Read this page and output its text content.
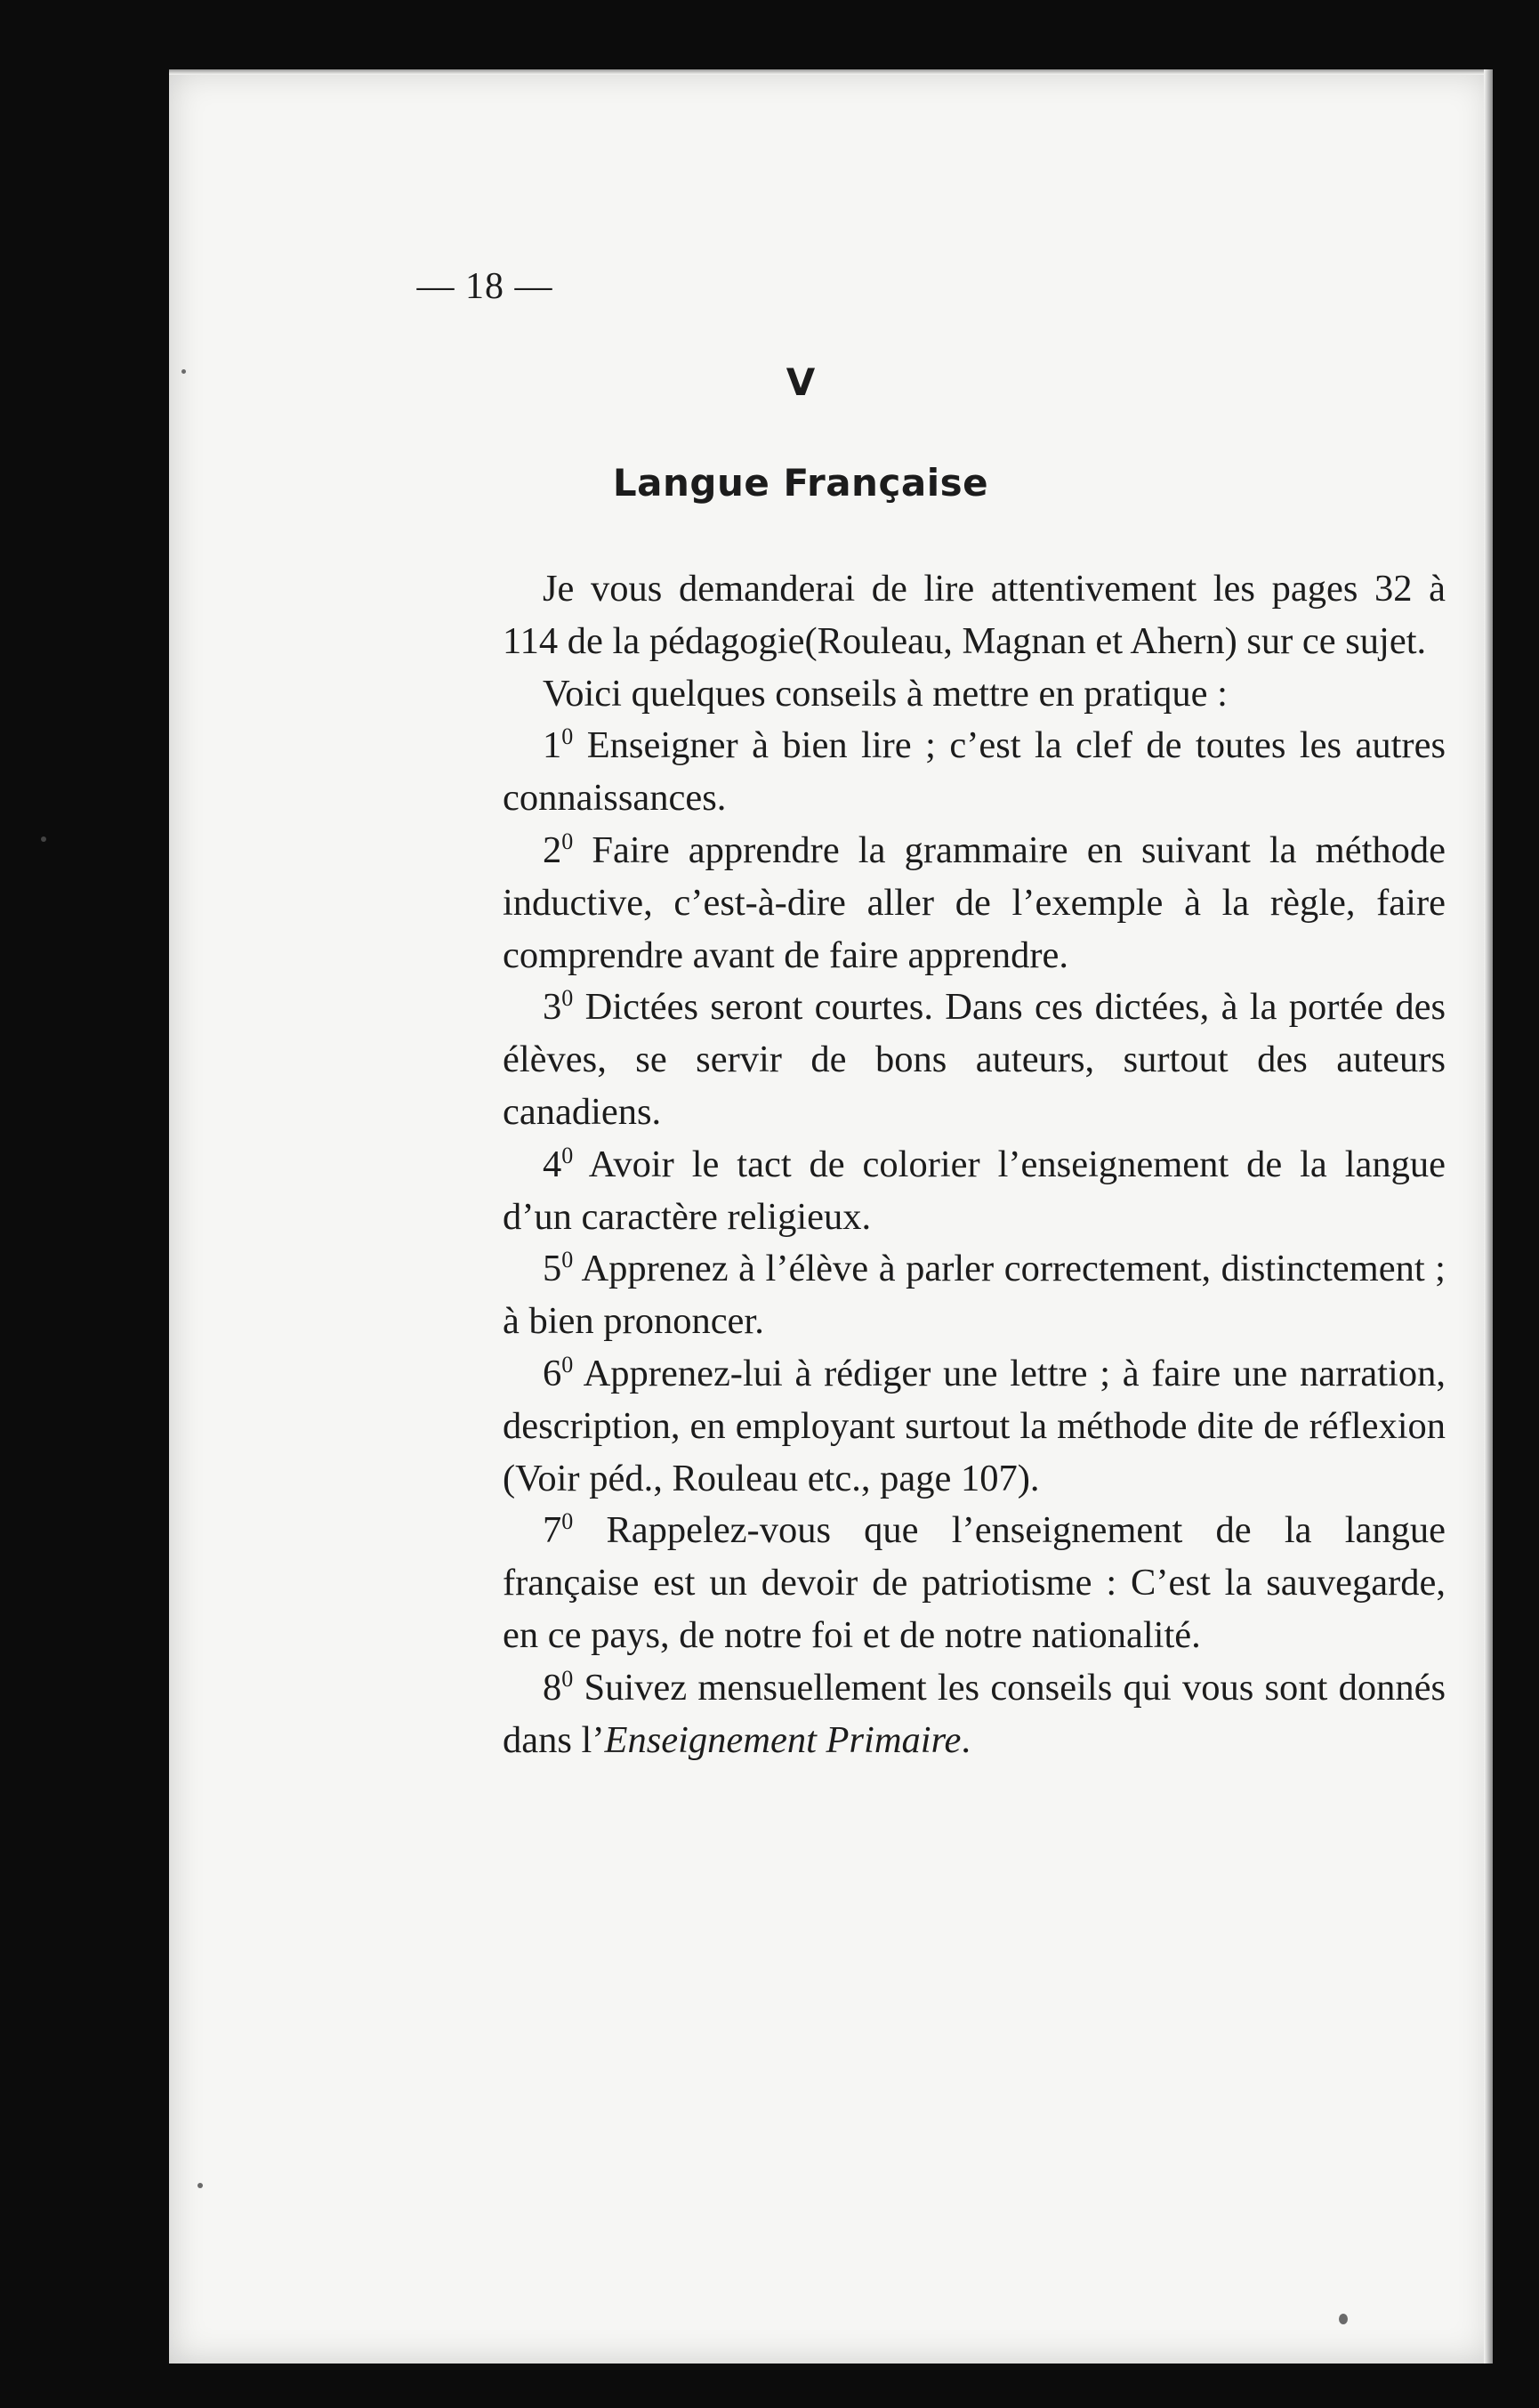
— 18 —
V
Langue Française

Je vous demanderai de lire attentivement les pages 32 à 114 de la pédagogie(Rouleau, Magnan et Ahern) sur ce sujet.

Voici quelques conseils à mettre en pratique :

$1^0$ Enseigner à bien lire ; c’est la clef de toutes les autres connaissances.

$2^0$ Faire apprendre la grammaire en suivant la méthode inductive, c’est-à-dire aller de l’exemple à la règle, faire comprendre avant de faire apprendre.

$3^0$ Dictées seront courtes. Dans ces dictées, à la portée des élèves, se servir de bons auteurs, surtout des auteurs canadiens.

$4^0$ Avoir le tact de colorier l’enseignement de la langue d’un caractère religieux.

$5^0$ Apprenez à l’élève à parler correctement, distinctement ; à bien prononcer.

$6^0$ Apprenez-lui à rédiger une lettre ; à faire une narration, description, en employant surtout la méthode dite de réflexion (Voir péd., Rouleau etc., page 107).

$7^0$ Rappelez-vous que l’enseignement de la langue française est un devoir de patriotisme : C’est la sauvegarde, en ce pays, de notre foi et de notre nationalité.

$8^0$ Suivez mensuellement les conseils qui vous sont donnés dans l’Enseignement Primaire.
